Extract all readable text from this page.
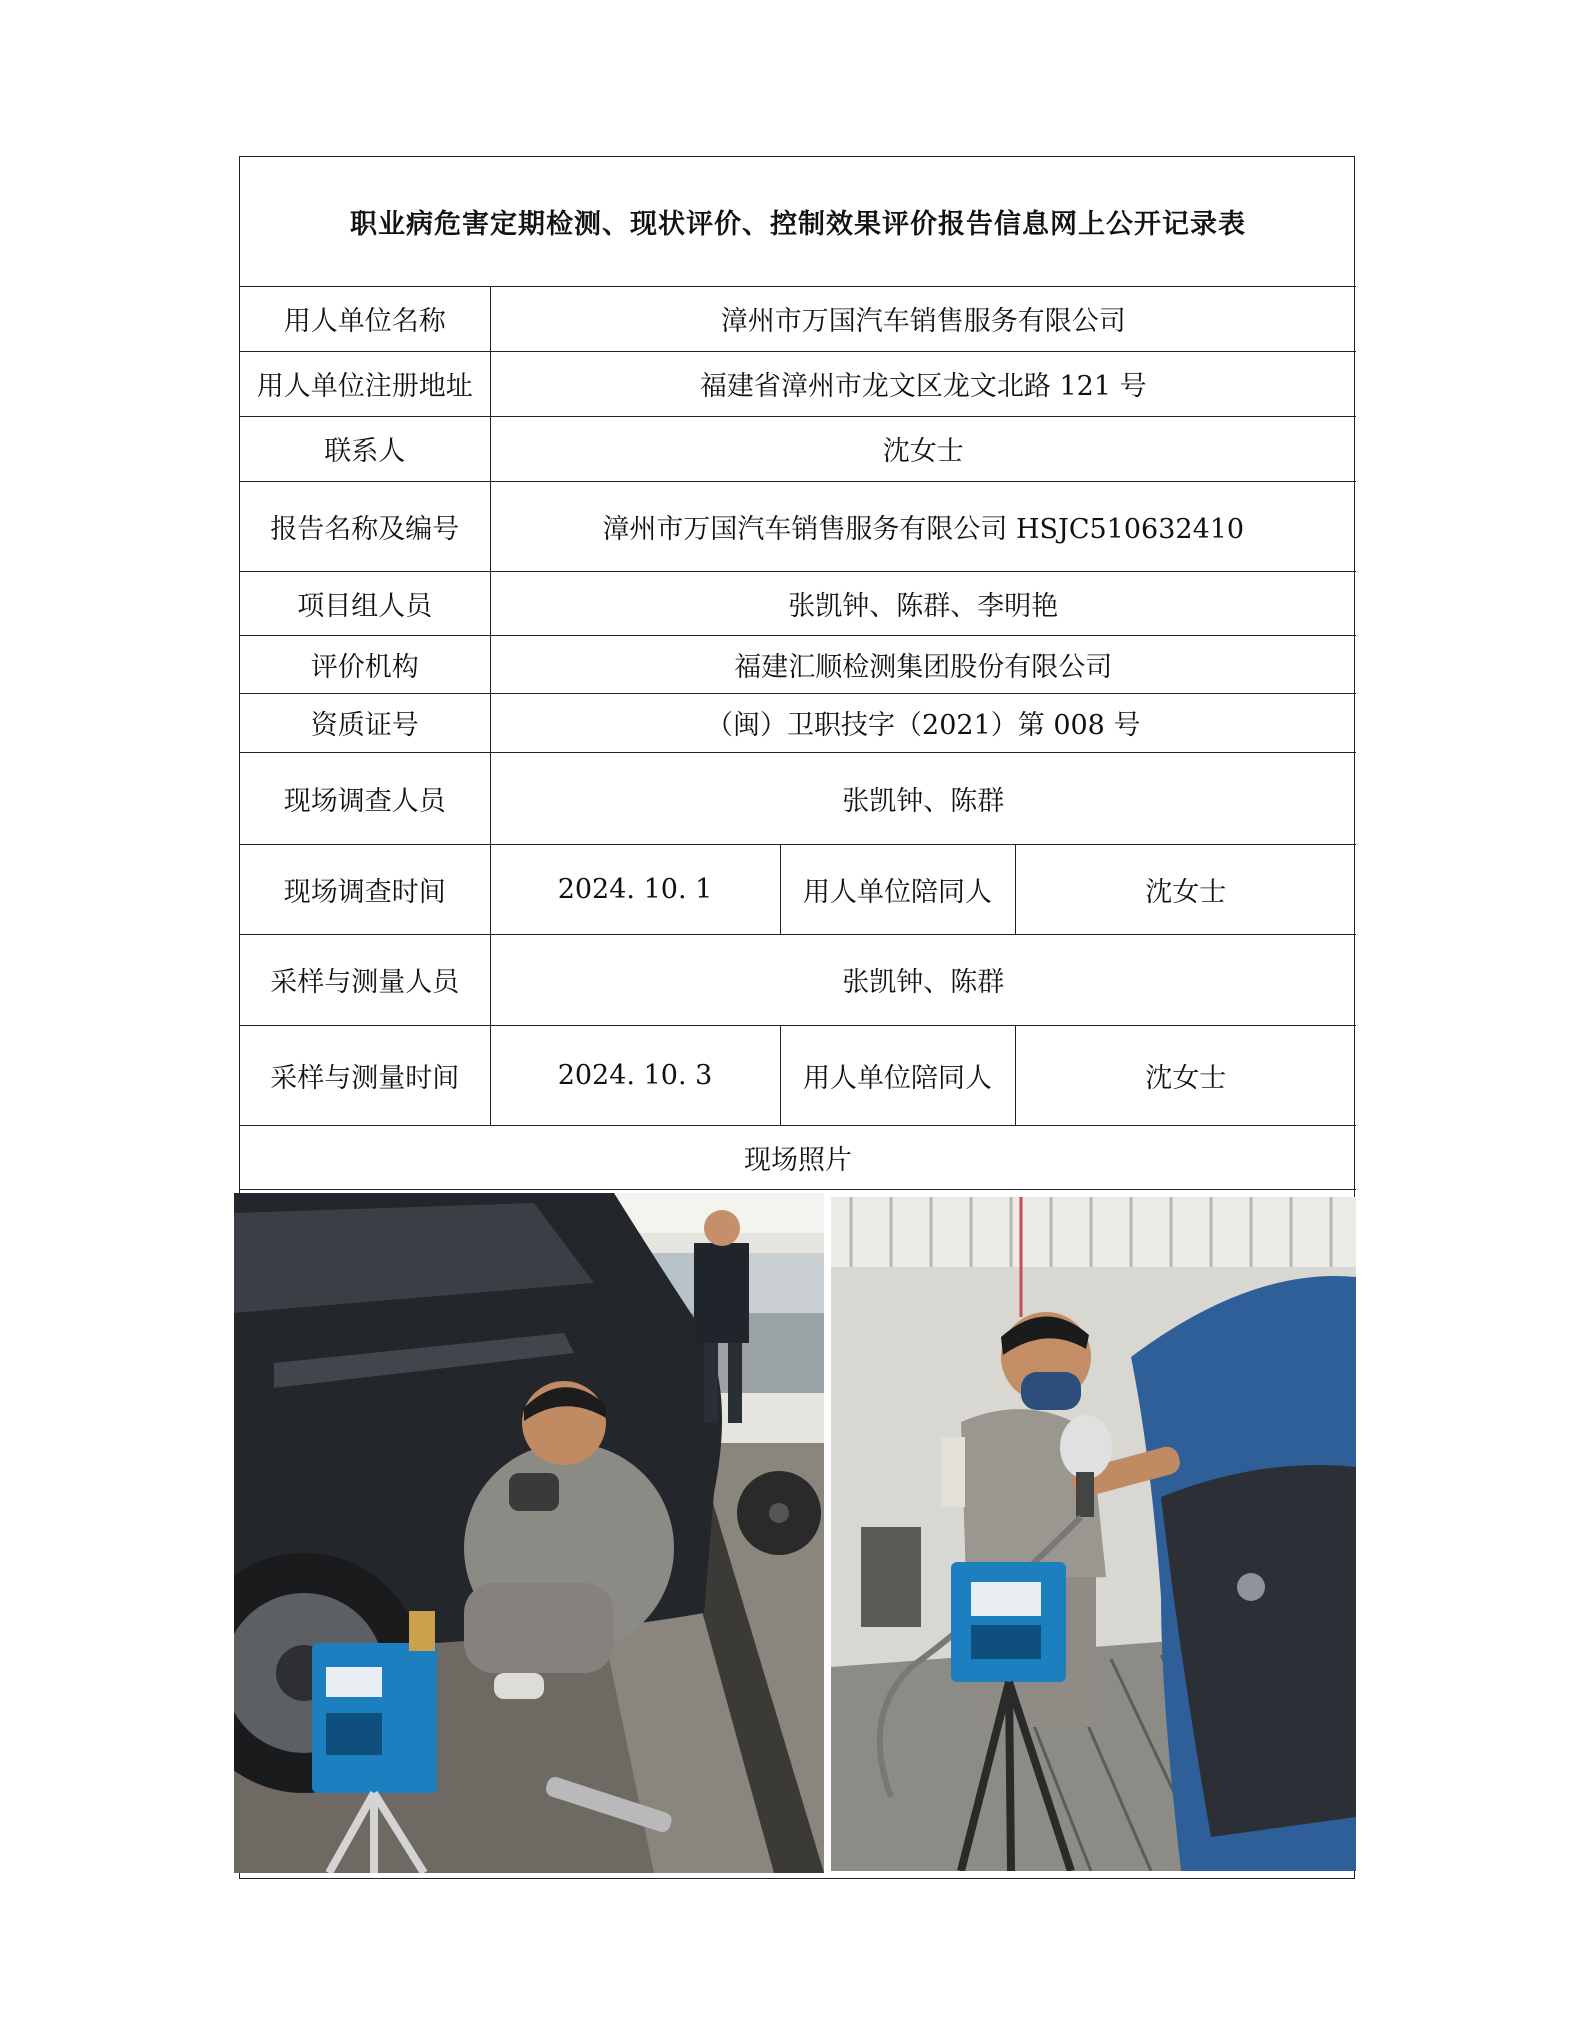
职业病危害定期检测、现状评价、控制效果评价报告信息网上公开记录表			
用人单位名称	漳州市万国汽车销售服务有限公司		
用人单位注册地址	福建省漳州市龙文区龙文北路 121 号		
联系人	沈女士		
报告名称及编号	漳州市万国汽车销售服务有限公司 HSJC510632410		
项目组人员	张凯钟、陈群、李明艳		
评价机构	福建汇顺检测集团股份有限公司		
资质证号	（闽）卫职技字（2021）第 008 号		
现场调查人员	张凯钟、陈群		
现场调查时间	2024. 10. 1	用人单位陪同人	沈女士
采样与测量人员	张凯钟、陈群		
采样与测量时间	2024. 10. 3	用人单位陪同人	沈女士
现场照片			
